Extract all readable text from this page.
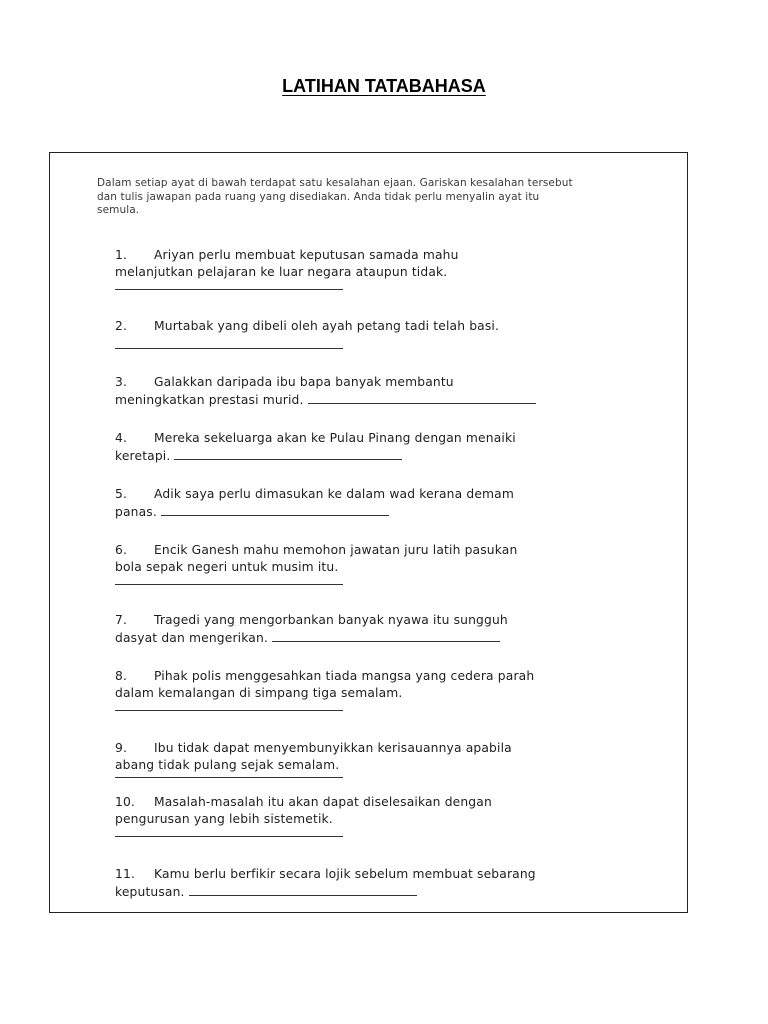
LATIHAN TATABAHASA
Dalam setiap ayat di bawah terdapat satu kesalahan ejaan. Gariskan kesalahan tersebut
dan tulis jawapan pada ruang yang disediakan. Anda tidak perlu menyalin ayat itu
semula.
1. Ariyan perlu membuat keputusan samada mahu
melanjutkan pelajaran ke luar negara ataupun tidak.
2. Murtabak yang dibeli oleh ayah petang tadi telah basi.
3. Galakkan daripada ibu bapa banyak membantu
meningkatkan prestasi murid.
4. Mereka sekeluarga akan ke Pulau Pinang dengan menaiki
keretapi.
5. Adik saya perlu dimasukan ke dalam wad kerana demam
panas.
6. Encik Ganesh mahu memohon jawatan juru latih pasukan
bola sepak negeri untuk musim itu.
7. Tragedi yang mengorbankan banyak nyawa itu sungguh
dasyat dan mengerikan.
8. Pihak polis menggesahkan tiada mangsa yang cedera parah
dalam kemalangan di simpang tiga semalam.
9. Ibu tidak dapat menyembunyikkan kerisauannya apabila
abang tidak pulang sejak semalam.
10. Masalah-masalah itu akan dapat diselesaikan dengan
pengurusan yang lebih sistemetik.
11. Kamu berlu berfikir secara lojik sebelum membuat sebarang
keputusan.
